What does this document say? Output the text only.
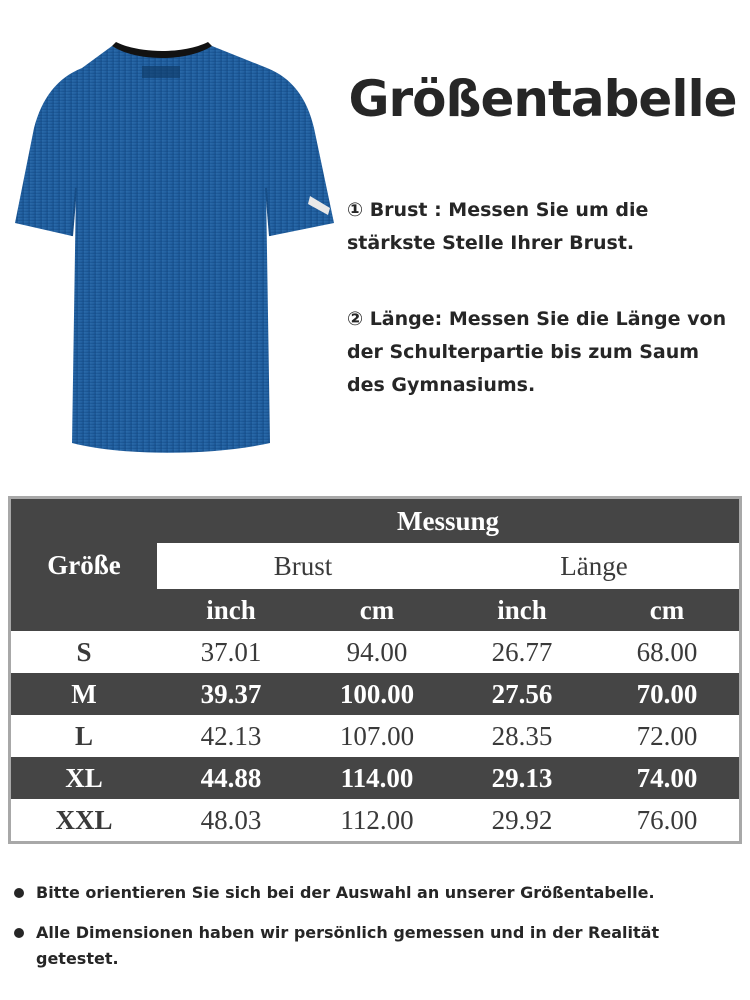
Größentabelle
① Brust : Messen Sie um die stärkste Stelle Ihrer Brust.
② Länge: Messen Sie die Länge von der Schulterpartie bis zum Saum des Gymnasiums.
Größe	Messung			
	Brust		Länge	
	inch	cm	inch	cm
S	37.01	94.00	26.77	68.00
M	39.37	100.00	27.56	70.00
L	42.13	107.00	28.35	72.00
XL	44.88	114.00	29.13	74.00
XXL	48.03	112.00	29.92	76.00
Bitte orientieren Sie sich bei der Auswahl an unserer Größentabelle.
Alle Dimensionen haben wir persönlich gemessen und in der Realität getestet.
